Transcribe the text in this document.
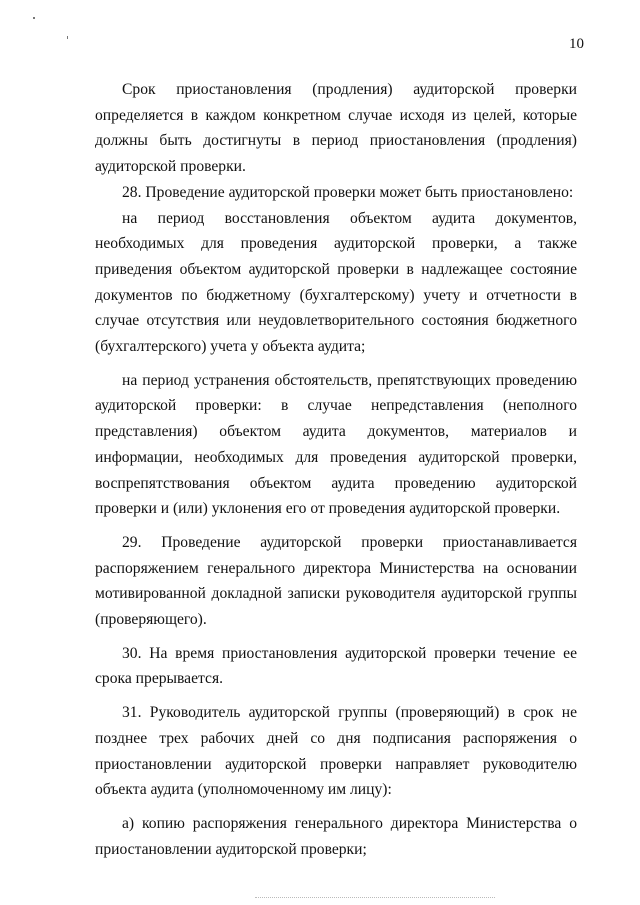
10

Срок приостановления (продления) аудиторской проверки определяется в каждом конкретном случае исходя из целей, которые должны быть достигнуты в период приостановления (продления) аудиторской проверки.

28. Проведение аудиторской проверки может быть приостановлено:

на период восстановления объектом аудита документов, необходимых для проведения аудиторской проверки, а также приведения объектом аудиторской проверки в надлежащее состояние документов по бюджетному (бухгалтерскому) учету и отчетности в случае отсутствия или неудовлетворительного состояния бюджетного (бухгалтерского) учета у объекта аудита;

на период устранения обстоятельств, препятствующих проведению аудиторской проверки: в случае непредставления (неполного представления) объектом аудита документов, материалов и информации, необходимых для проведения аудиторской проверки, воспрепятствования объектом аудита проведению аудиторской проверки и (или) уклонения его от проведения аудиторской проверки.

29. Проведение аудиторской проверки приостанавливается распоряжением генерального директора Министерства на основании мотивированной докладной записки руководителя аудиторской группы (проверяющего).

30. На время приостановления аудиторской проверки течение ее срока прерывается.

31. Руководитель аудиторской группы (проверяющий) в срок не позднее трех рабочих дней со дня подписания распоряжения о приостановлении аудиторской проверки направляет руководителю объекта аудита (уполномоченному им лицу):

а) копию распоряжения генерального директора Министерства о приостановлении аудиторской проверки;
